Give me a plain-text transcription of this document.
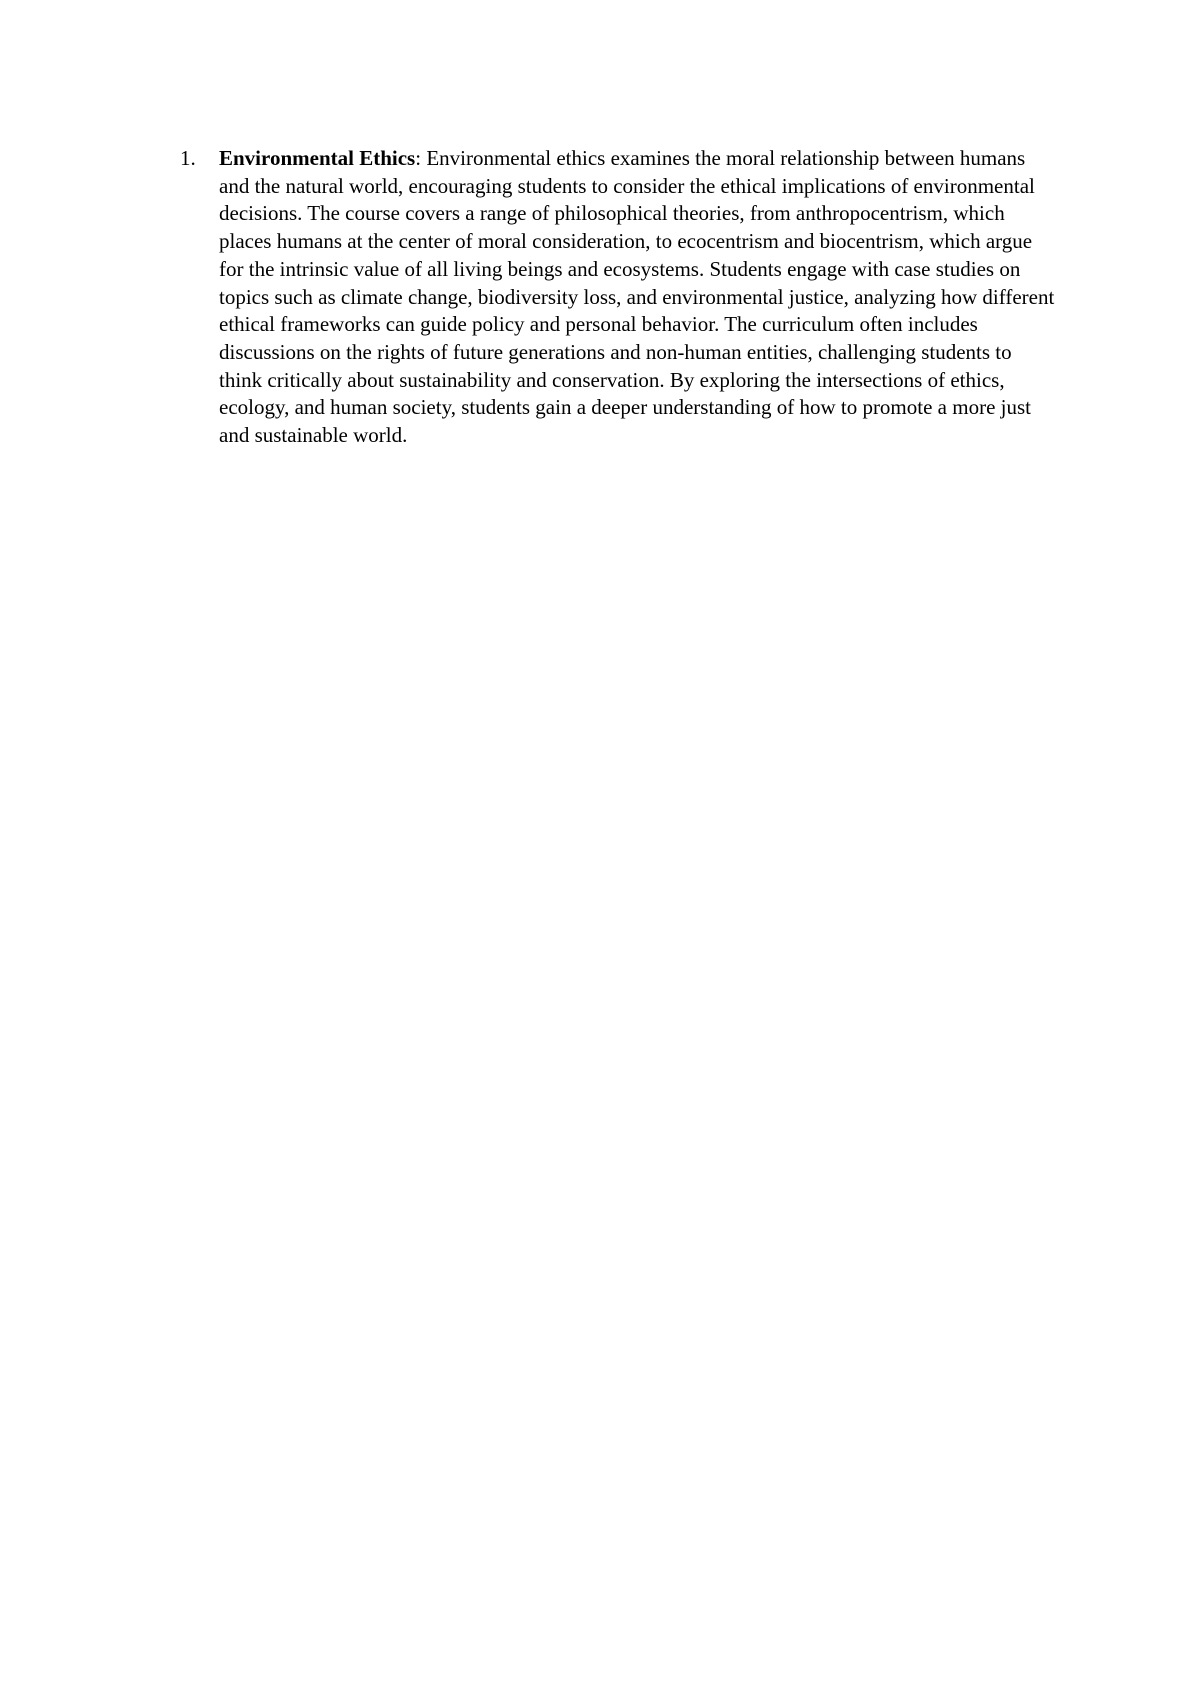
1.	Environmental Ethics: Environmental ethics examines the moral relationship between humans and the natural world, encouraging students to consider the ethical implications of environmental decisions. The course covers a range of philosophical theories, from anthropocentrism, which places humans at the center of moral consideration, to ecocentrism and biocentrism, which argue for the intrinsic value of all living beings and ecosystems. Students engage with case studies on topics such as climate change, biodiversity loss, and environmental justice, analyzing how different ethical frameworks can guide policy and personal behavior. The curriculum often includes discussions on the rights of future generations and non-human entities, challenging students to think critically about sustainability and conservation. By exploring the intersections of ethics, ecology, and human society, students gain a deeper understanding of how to promote a more just and sustainable world.
